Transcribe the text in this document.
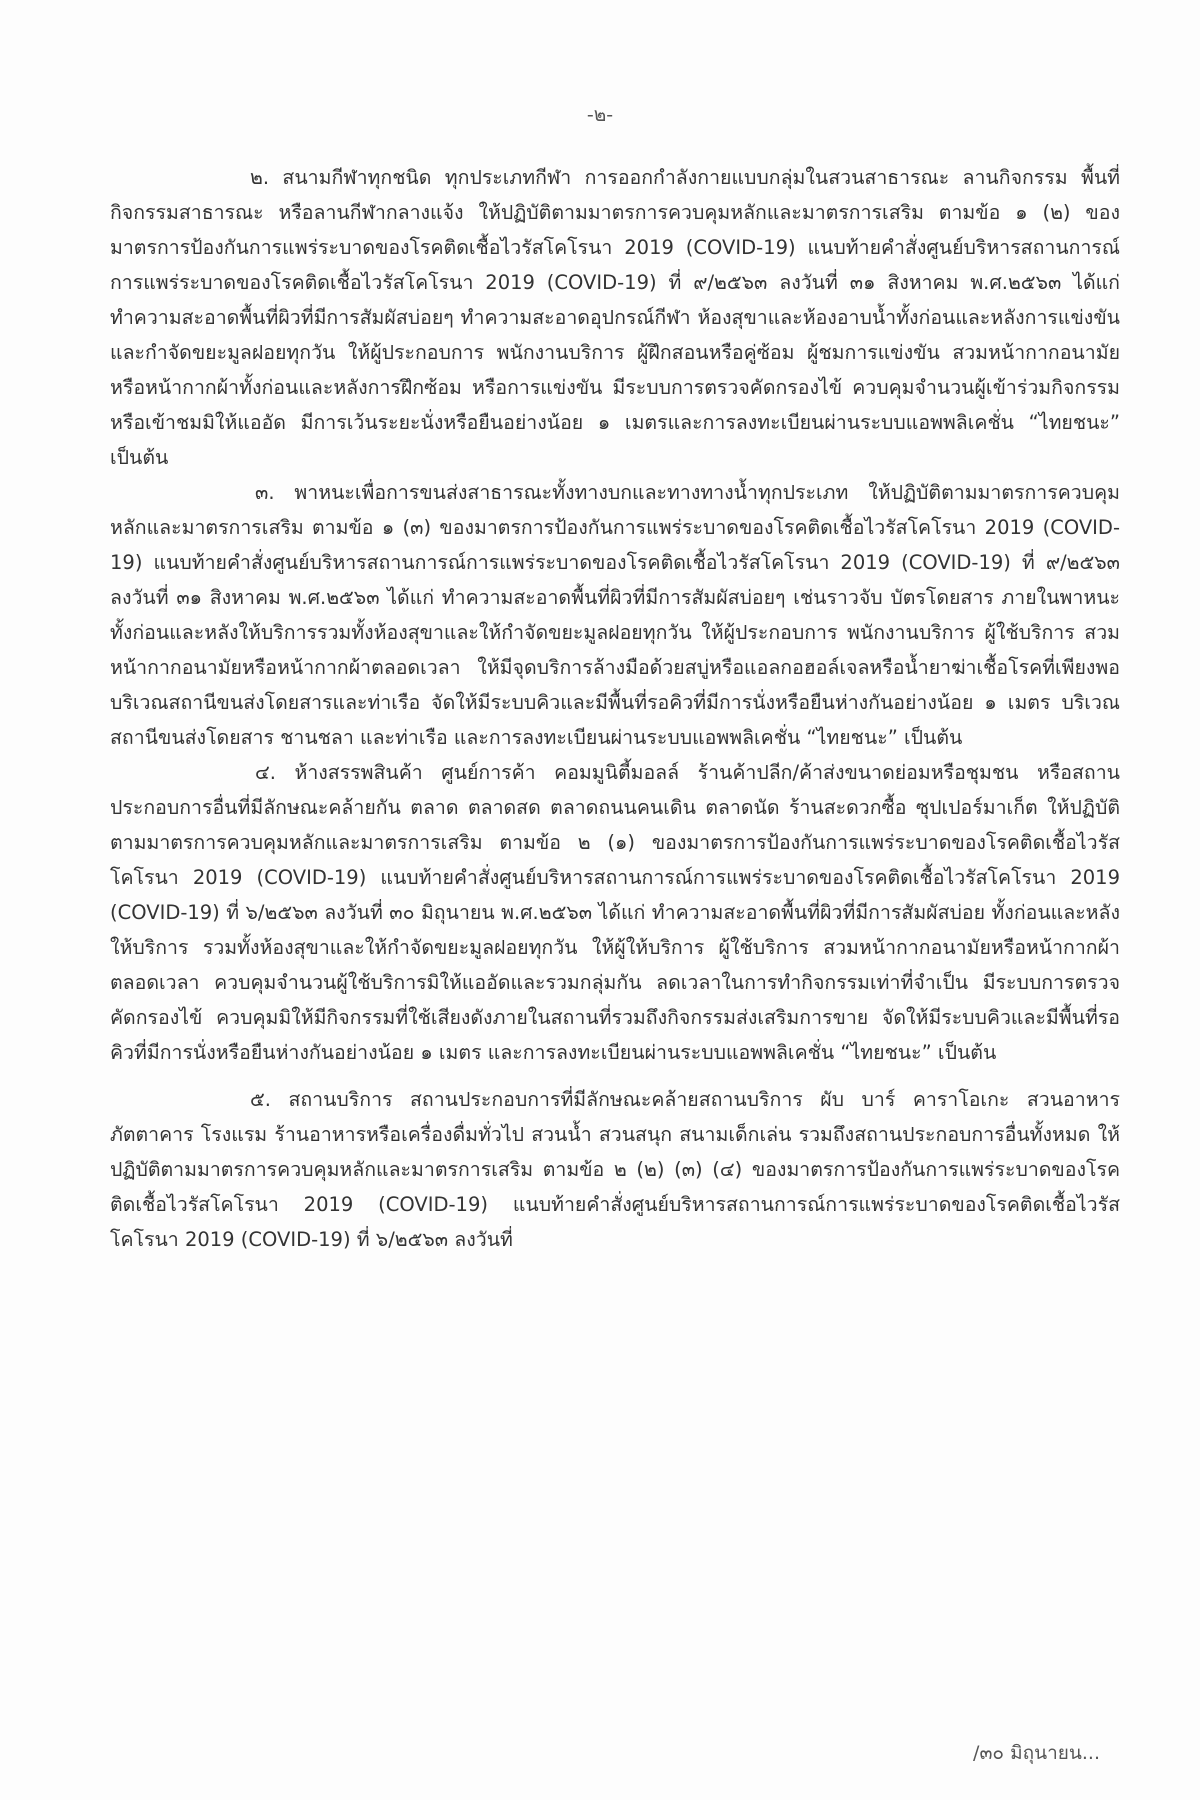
-๒-

๒. สนามกีฬาทุกชนิด ทุกประเภทกีฬา การออกกำลังกายแบบกลุ่มในสวนสาธารณะ ลานกิจกรรม พื้นที่กิจกรรมสาธารณะ หรือลานกีฬากลางแจ้ง ให้ปฏิบัติตามมาตรการควบคุมหลักและมาตรการเสริม ตามข้อ ๑ (๒) ของมาตรการป้องกันการแพร่ระบาดของโรคติดเชื้อไวรัสโคโรนา 2019 (COVID-19) แนบท้ายคำสั่งศูนย์บริหารสถานการณ์การแพร่ระบาดของโรคติดเชื้อไวรัสโคโรนา 2019 (COVID-19) ที่ ๙/๒๕๖๓ ลงวันที่ ๓๑ สิงหาคม พ.ศ.๒๕๖๓ ได้แก่ ทำความสะอาดพื้นที่ผิวที่มีการสัมผัสบ่อยๆ ทำความสะอาดอุปกรณ์กีฬา ห้องสุขาและห้องอาบน้ำทั้งก่อนและหลังการแข่งขันและกำจัดขยะมูลฝอยทุกวัน ให้ผู้ประกอบการ พนักงานบริการ ผู้ฝึกสอนหรือคู่ซ้อม ผู้ชมการแข่งขัน สวมหน้ากากอนามัยหรือหน้ากากผ้าทั้งก่อนและหลังการฝึกซ้อม หรือการแข่งขัน มีระบบการตรวจคัดกรองไข้ ควบคุมจำนวนผู้เข้าร่วมกิจกรรมหรือเข้าชมมิให้แออัด มีการเว้นระยะนั่งหรือยืนอย่างน้อย ๑ เมตรและการลงทะเบียนผ่านระบบแอพพลิเคชั่น “ไทยชนะ” เป็นต้น

๓. พาหนะเพื่อการขนส่งสาธารณะทั้งทางบกและทางทางน้ำทุกประเภท ให้ปฏิบัติตามมาตรการควบคุมหลักและมาตรการเสริม ตามข้อ ๑ (๓) ของมาตรการป้องกันการแพร่ระบาดของโรคติดเชื้อไวรัสโคโรนา 2019 (COVID-19) แนบท้ายคำสั่งศูนย์บริหารสถานการณ์การแพร่ระบาดของโรคติดเชื้อไวรัสโคโรนา 2019 (COVID-19) ที่ ๙/๒๕๖๓ ลงวันที่ ๓๑ สิงหาคม พ.ศ.๒๕๖๓ ได้แก่ ทำความสะอาดพื้นที่ผิวที่มีการสัมผัสบ่อยๆ เช่นราวจับ บัตรโดยสาร ภายในพาหนะทั้งก่อนและหลังให้บริการรวมทั้งห้องสุขาและให้กำจัดขยะมูลฝอยทุกวัน ให้ผู้ประกอบการ พนักงานบริการ ผู้ใช้บริการ สวมหน้ากากอนามัยหรือหน้ากากผ้าตลอดเวลา ให้มีจุดบริการล้างมือด้วยสบู่หรือแอลกอฮอล์เจลหรือน้ำยาฆ่าเชื้อโรคที่เพียงพอ บริเวณสถานีขนส่งโดยสารและท่าเรือ จัดให้มีระบบคิวและมีพื้นที่รอคิวที่มีการนั่งหรือยืนห่างกันอย่างน้อย ๑ เมตร บริเวณสถานีขนส่งโดยสาร ชานชลา และท่าเรือ และการลงทะเบียนผ่านระบบแอพพลิเคชั่น “ไทยชนะ” เป็นต้น

๔. ห้างสรรพสินค้า ศูนย์การค้า คอมมูนิตี้มอลล์ ร้านค้าปลีก/ค้าส่งขนาดย่อมหรือชุมชน หรือสถานประกอบการอื่นที่มีลักษณะคล้ายกัน ตลาด ตลาดสด ตลาดถนนคนเดิน ตลาดนัด ร้านสะดวกซื้อ ซุปเปอร์มาเก็ต ให้ปฏิบัติตามมาตรการควบคุมหลักและมาตรการเสริม ตามข้อ ๒ (๑) ของมาตรการป้องกันการแพร่ระบาดของโรคติดเชื้อไวรัสโคโรนา 2019 (COVID-19) แนบท้ายคำสั่งศูนย์บริหารสถานการณ์การแพร่ระบาดของโรคติดเชื้อไวรัสโคโรนา 2019 (COVID-19) ที่ ๖/๒๕๖๓ ลงวันที่ ๓๐ มิถุนายน พ.ศ.๒๕๖๓ ได้แก่ ทำความสะอาดพื้นที่ผิวที่มีการสัมผัสบ่อย ทั้งก่อนและหลังให้บริการ รวมทั้งห้องสุขาและให้กำจัดขยะมูลฝอยทุกวัน ให้ผู้ให้บริการ ผู้ใช้บริการ สวมหน้ากากอนามัยหรือหน้ากากผ้าตลอดเวลา ควบคุมจำนวนผู้ใช้บริการมิให้แออัดและรวมกลุ่มกัน ลดเวลาในการทำกิจกรรมเท่าที่จำเป็น มีระบบการตรวจคัดกรองไข้ ควบคุมมิให้มีกิจกรรมที่ใช้เสียงดังภายในสถานที่รวมถึงกิจกรรมส่งเสริมการขาย จัดให้มีระบบคิวและมีพื้นที่รอคิวที่มีการนั่งหรือยืนห่างกันอย่างน้อย ๑ เมตร และการลงทะเบียนผ่านระบบแอพพลิเคชั่น “ไทยชนะ” เป็นต้น

๕. สถานบริการ สถานประกอบการที่มีลักษณะคล้ายสถานบริการ ผับ บาร์ คาราโอเกะ สวนอาหาร ภัตตาคาร โรงแรม ร้านอาหารหรือเครื่องดื่มทั่วไป สวนน้ำ สวนสนุก สนามเด็กเล่น รวมถึงสถานประกอบการอื่นทั้งหมด ให้ปฏิบัติตามมาตรการควบคุมหลักและมาตรการเสริม ตามข้อ ๒ (๒) (๓) (๔) ของมาตรการป้องกันการแพร่ระบาดของโรคติดเชื้อไวรัสโคโรนา 2019 (COVID-19) แนบท้ายคำสั่งศูนย์บริหารสถานการณ์การแพร่ระบาดของโรคติดเชื้อไวรัสโคโรนา 2019 (COVID-19) ที่ ๖/๒๕๖๓ ลงวันที่

/๓๐ มิถุนายน...
